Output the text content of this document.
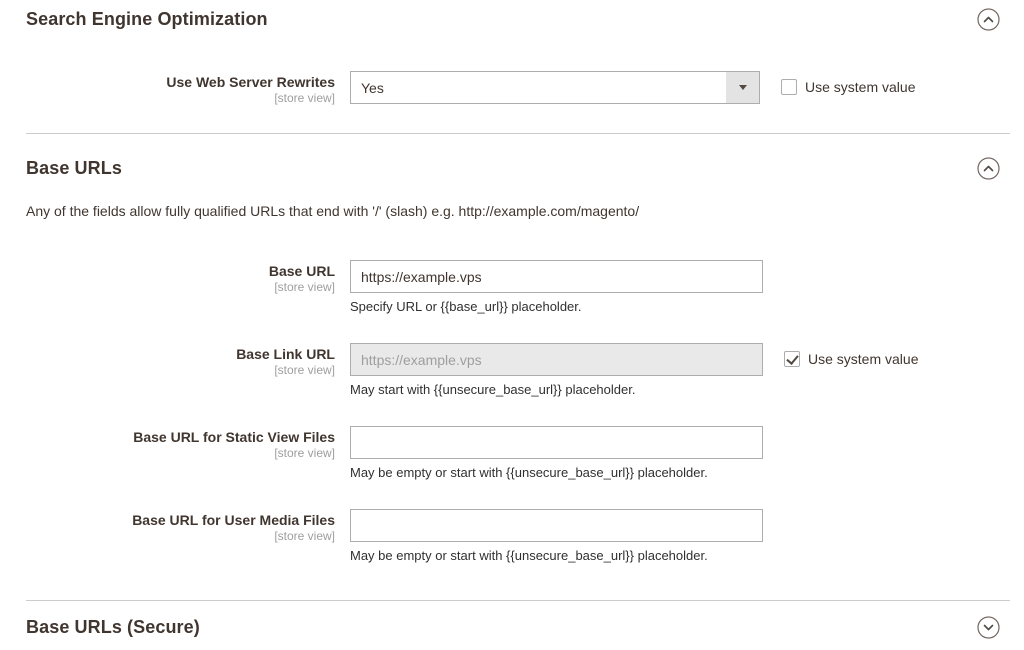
Search Engine Optimization
Use Web Server Rewrites
[store view]
Yes	Use system value
Base URLs
Any of the fields allow fully qualified URLs that end with '/' (slash) e.g. http://example.com/magento/
Base URL
[store view]
https://example.vps
Specify URL or {{base_url}} placeholder.
Base Link URL
[store view]
https://example.vps
May start with {{unsecure_base_url}} placeholder.
Use system value
Base URL for Static View Files
[store view]
May be empty or start with {{unsecure_base_url}} placeholder.
Base URL for User Media Files
[store view]
May be empty or start with {{unsecure_base_url}} placeholder.
Base URLs (Secure)
